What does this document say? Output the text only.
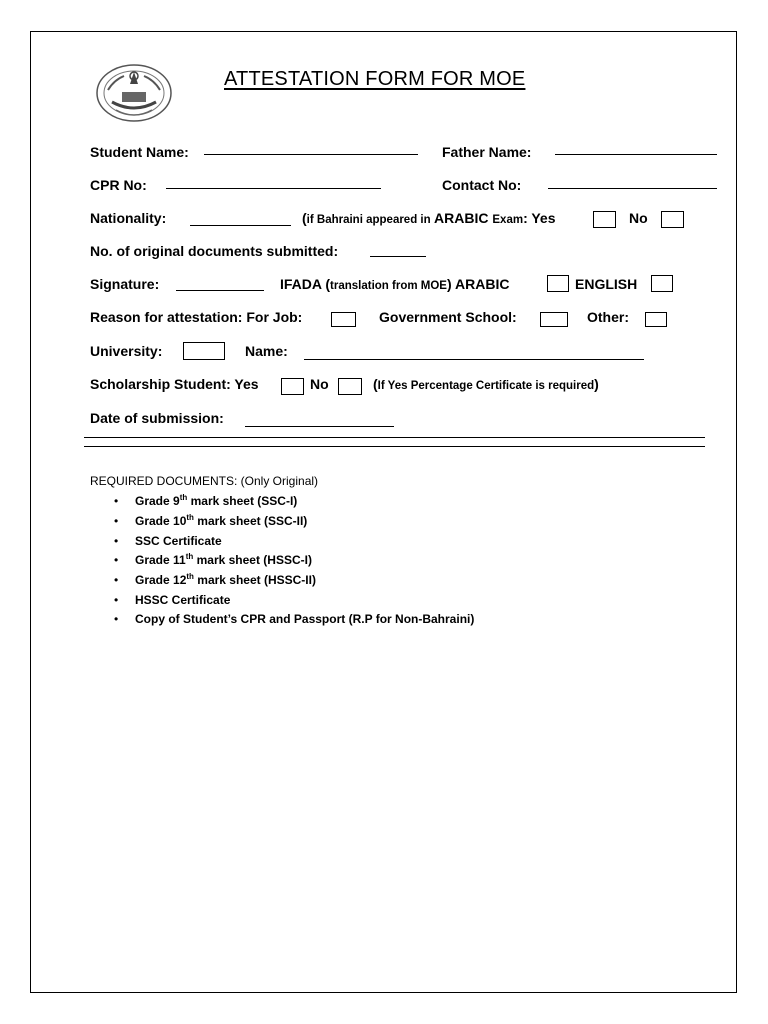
ATTESTATION FORM FOR MOE
Student Name:	Father Name:
CPR No:	Contact No:
Nationality:	(if Bahraini appeared in ARABIC Exam: Yes	No
No. of original documents submitted:
Signature:	IFADA (translation from MOE) ARABIC	ENGLISH
Reason for attestation: For Job:	Government School:	Other:
University:	Name:
Scholarship Student: Yes	No	(If Yes Percentage Certificate is required)
Date of submission:
REQUIRED DOCUMENTS: (Only Original)
• Grade 9th mark sheet (SSC-I)
• Grade 10th mark sheet (SSC-II)
• SSC Certificate
• Grade 11th mark sheet (HSSC-I)
• Grade 12th mark sheet (HSSC-II)
• HSSC Certificate
• Copy of Student’s CPR and Passport (R.P for Non-Bahraini)
